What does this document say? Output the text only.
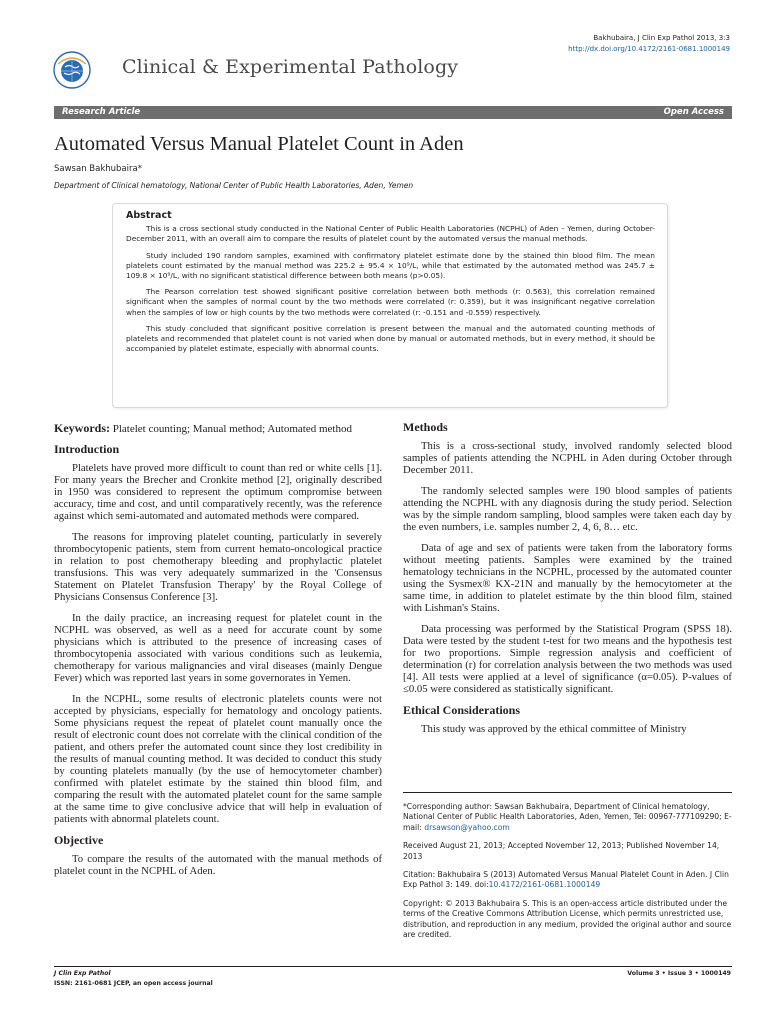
Bakhubaira, J Clin Exp Pathol 2013, 3:3
http://dx.doi.org/10.4172/2161-0681.1000149
Clinical & Experimental Pathology
Research Article	Open Access
Automated Versus Manual Platelet Count in Aden
Sawsan Bakhubaira*
Department of Clinical hematology, National Center of Public Health Laboratories, Aden, Yemen
Abstract

This is a cross sectional study conducted in the National Center of Public Health Laboratories (NCPHL) of Aden – Yemen, during October-December 2011, with an overall aim to compare the results of platelet count by the automated versus the manual methods.

Study included 190 random samples, examined with confirmatory platelet estimate done by the stained thin blood film. The mean platelets count estimated by the manual method was 225.2 ± 95.4 × 10⁹/L, while that estimated by the automated method was 245.7 ± 109.8 × 10⁹/L, with no significant statistical difference between both means (p>0.05).

The Pearson correlation test showed significant positive correlation between both methods (r: 0.563), this correlation remained significant when the samples of normal count by the two methods were correlated (r: 0.359), but it was insignificant negative correlation when the samples of low or high counts by the two methods were correlated (r: -0.151 and -0.559) respectively.

This study concluded that significant positive correlation is present between the manual and the automated counting methods of platelets and recommended that platelet count is not varied when done by manual or automated methods, but in every method, it should be accompanied by platelet estimate, especially with abnormal counts.

Keywords: Platelet counting; Manual method; Automated method
Introduction

Platelets have proved more difficult to count than red or white cells [1]. For many years the Brecher and Cronkite method [2], originally described in 1950 was considered to represent the optimum compromise between accuracy, time and cost, and until comparatively recently, was the reference against which semi-automated and automated methods were compared.

The reasons for improving platelet counting, particularly in severely thrombocytopenic patients, stem from current hemato-oncological practice in relation to post chemotherapy bleeding and prophylactic platelet transfusions. This was very adequately summarized in the 'Consensus Statement on Platelet Transfusion Therapy' by the Royal College of Physicians Consensus Conference [3].

In the daily practice, an increasing request for platelet count in the NCPHL was observed, as well as a need for accurate count by some physicians which is attributed to the presence of increasing cases of thrombocytopenia associated with various conditions such as leukemia, chemotherapy for various malignancies and viral diseases (mainly Dengue Fever) which was reported last years in some governorates in Yemen.

In the NCPHL, some results of electronic platelets counts were not accepted by physicians, especially for hematology and oncology patients. Some physicians request the repeat of platelet count manually once the result of electronic count does not correlate with the clinical condition of the patient, and others prefer the automated count since they lost credibility in the results of manual counting method. It was decided to conduct this study by counting platelets manually (by the use of hemocytometer chamber) confirmed with platelet estimate by the stained thin blood film, and comparing the result with the automated platelet count for the same sample at the same time to give conclusive advice that will help in evaluation of patients with abnormal platelets count.

Objective

To compare the results of the automated with the manual methods of platelet count in the NCPHL of Aden.

Methods

This is a cross-sectional study, involved randomly selected blood samples of patients attending the NCPHL in Aden during October through December 2011.

The randomly selected samples were 190 blood samples of patients attending the NCPHL with any diagnosis during the study period. Selection was by the simple random sampling, blood samples were taken each day by the even numbers, i.e. samples number 2, 4, 6, 8… etc.

Data of age and sex of patients were taken from the laboratory forms without meeting patients. Samples were examined by the trained hematology technicians in the NCPHL, processed by the automated counter using the Sysmex® KX-21N and manually by the hemocytometer at the same time, in addition to platelet estimate by the thin blood film, stained with Lishman's Stains.

Data processing was performed by the Statistical Program (SPSS 18). Data were tested by the student t-test for two means and the hypothesis test for two proportions. Simple regression analysis and coefficient of determination (r) for correlation analysis between the two methods was used [4]. All tests were applied at a level of significance (α=0.05). P-values of ≤0.05 were considered as statistically significant.

Ethical Considerations

This study was approved by the ethical committee of Ministry

*Corresponding author: Sawsan Bakhubaira, Department of Clinical hematology, National Center of Public Health Laboratories, Aden, Yemen, Tel: 00967-777109290; E-mail: drsawson@yahoo.com

Received August 21, 2013; Accepted November 12, 2013; Published November 14, 2013

Citation: Bakhubaira S (2013) Automated Versus Manual Platelet Count in Aden. J Clin Exp Pathol 3: 149. doi:10.4172/2161-0681.1000149

Copyright: © 2013 Bakhubaira S. This is an open-access article distributed under the terms of the Creative Commons Attribution License, which permits unrestricted use, distribution, and reproduction in any medium, provided the original author and source are credited.

J Clin Exp Pathol
ISSN: 2161-0681 JCEP, an open access journal
Volume 3 • Issue 3 • 1000149
